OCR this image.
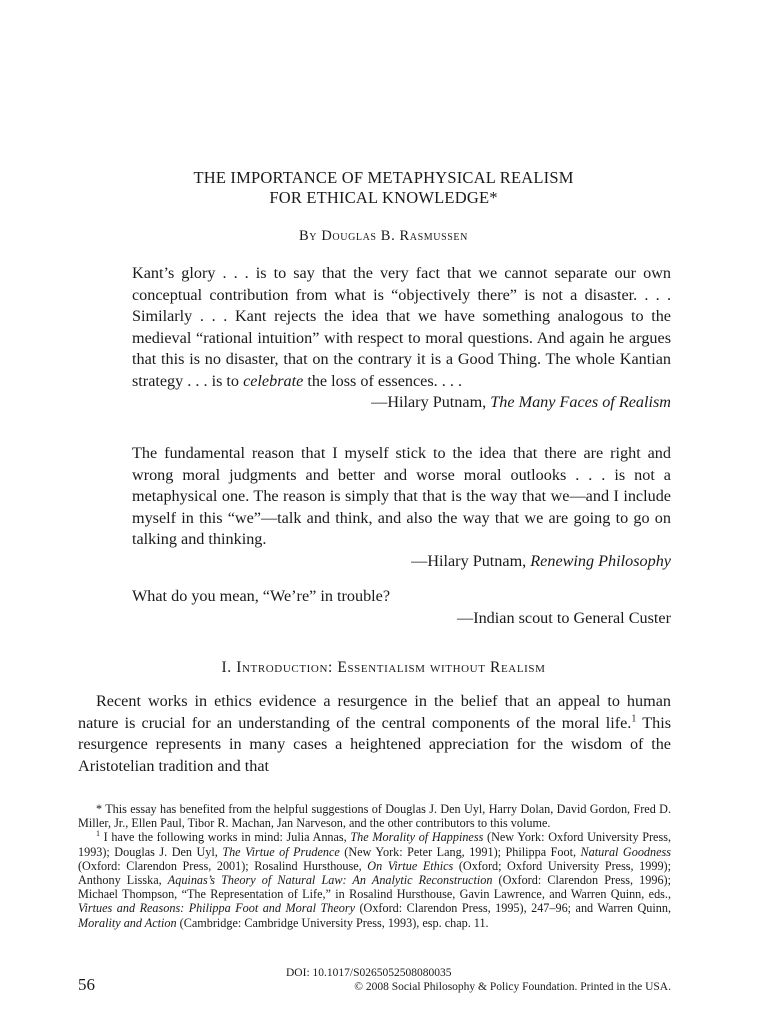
THE IMPORTANCE OF METAPHYSICAL REALISM
FOR ETHICAL KNOWLEDGE*
By Douglas B. Rasmussen
Kant’s glory . . . is to say that the very fact that we cannot separate our own conceptual contribution from what is “objectively there” is not a disaster. . . . Similarly . . . Kant rejects the idea that we have something analogous to the medieval “rational intuition” with respect to moral questions. And again he argues that this is no disaster, that on the contrary it is a Good Thing. The whole Kantian strategy . . . is to celebrate the loss of essences. . . .
—Hilary Putnam, The Many Faces of Realism
The fundamental reason that I myself stick to the idea that there are right and wrong moral judgments and better and worse moral outlooks . . . is not a metaphysical one. The reason is simply that that is the way that we—and I include myself in this “we”—talk and think, and also the way that we are going to go on talking and thinking.
—Hilary Putnam, Renewing Philosophy
What do you mean, “We’re” in trouble?
—Indian scout to General Custer
I. Introduction: Essentialism without Realism
Recent works in ethics evidence a resurgence in the belief that an appeal to human nature is crucial for an understanding of the central components of the moral life.$^1$ This resurgence represents in many cases a heightened appreciation for the wisdom of the Aristotelian tradition and that

* This essay has benefited from the helpful suggestions of Douglas J. Den Uyl, Harry Dolan, David Gordon, Fred D. Miller, Jr., Ellen Paul, Tibor R. Machan, Jan Narveson, and the other contributors to this volume.

$^1$ I have the following works in mind: Julia Annas, The Morality of Happiness (New York: Oxford University Press, 1993); Douglas J. Den Uyl, The Virtue of Prudence (New York: Peter Lang, 1991); Philippa Foot, Natural Goodness (Oxford: Clarendon Press, 2001); Rosalind Hursthouse, On Virtue Ethics (Oxford; Oxford University Press, 1999); Anthony Lisska, Aquinas’s Theory of Natural Law: An Analytic Reconstruction (Oxford: Clarendon Press, 1996); Michael Thompson, “The Representation of Life,” in Rosalind Hursthouse, Gavin Lawrence, and Warren Quinn, eds., Virtues and Reasons: Philippa Foot and Moral Theory (Oxford: Clarendon Press, 1995), 247–96; and Warren Quinn, Morality and Action (Cambridge: Cambridge University Press, 1993), esp. chap. 11.

56
DOI: 10.1017/S0265052508080035
© 2008 Social Philosophy & Policy Foundation. Printed in the USA.
